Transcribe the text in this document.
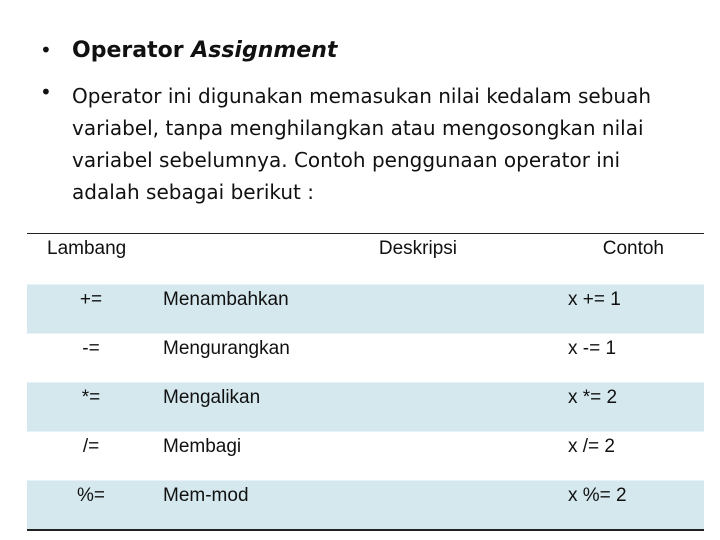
• Operator Assignment
•	Operator ini digunakan memasukan nilai kedalam sebuah variabel, tanpa menghilangkan atau mengosongkan nilai variabel sebelumnya. Contoh penggunaan operator ini adalah sebagai berikut :
Lambang	Deskripsi	Contoh
+=	Menambahkan	x += 1
-=	Mengurangkan	x -= 1
*=	Mengalikan	x *= 2
/=	Membagi	x /= 2
%=	Mem-mod	x %= 2
